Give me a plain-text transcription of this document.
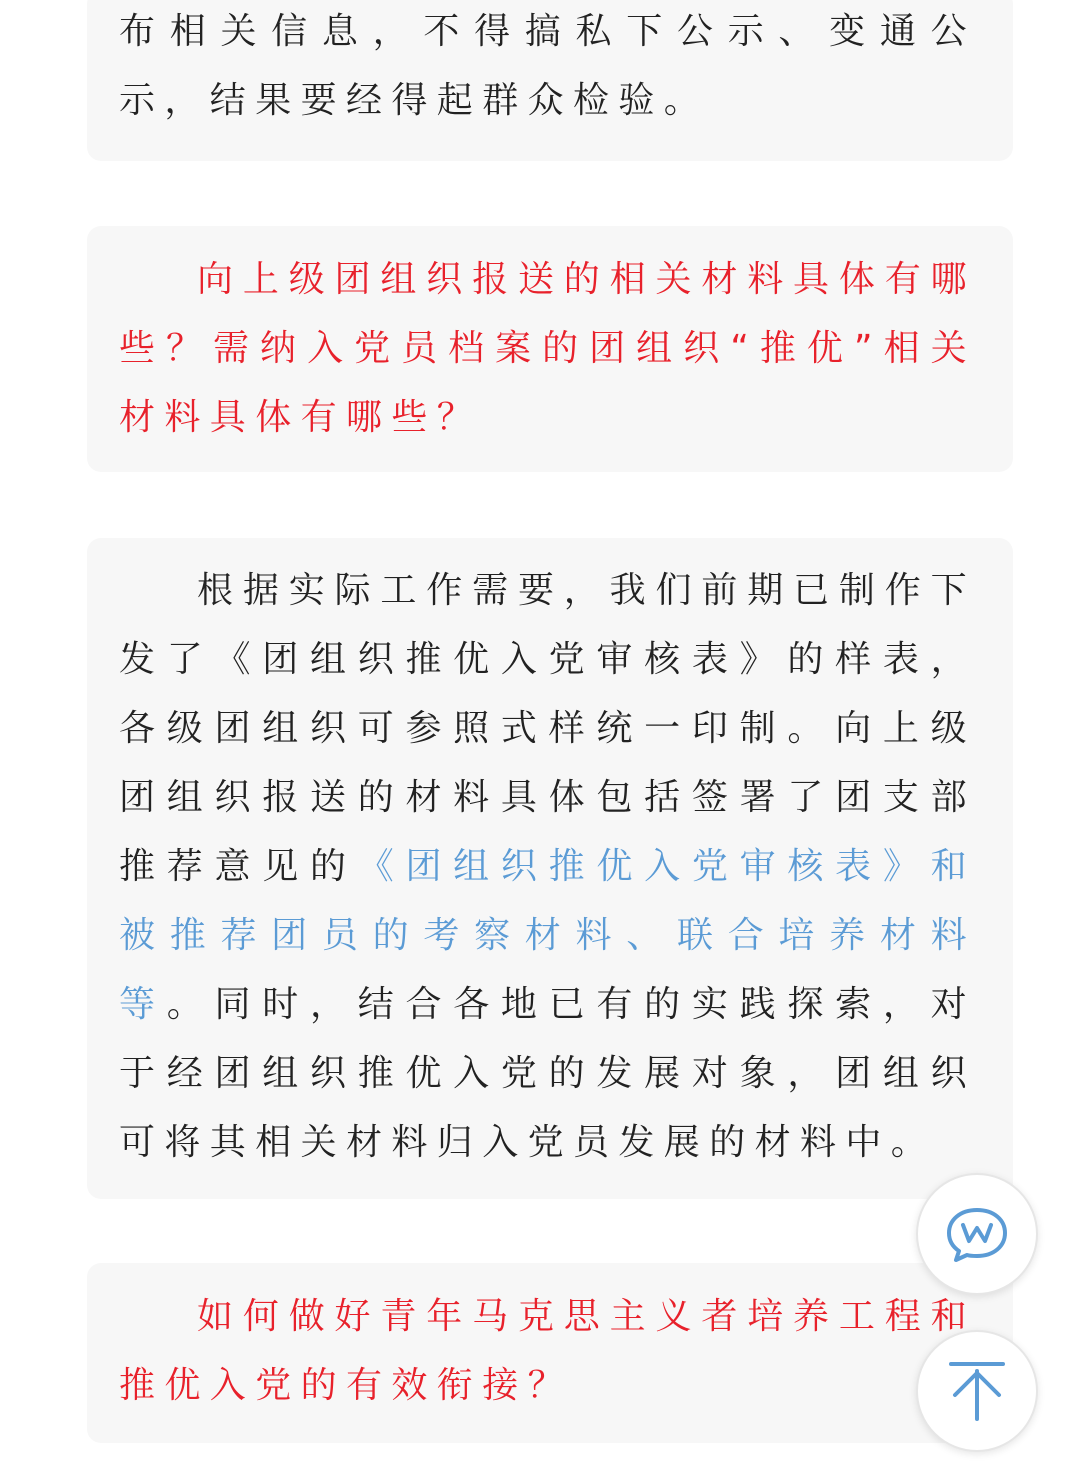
布相关信息，不得搞私下公示、变通公示，结果要经得起群众检验。

向上级团组织报送的相关材料具体有哪些？需纳入党员档案的团组织“推优”相关材料具体有哪些？

根据实际工作需要，我们前期已制作下发了《团组织推优入党审核表》的样表，各级团组织可参照式样统一印制。向上级团组织报送的材料具体包括签署了团支部推荐意见的《团组织推优入党审核表》和被推荐团员的考察材料、联合培养材料等。同时，结合各地已有的实践探索，对于经团组织推优入党的发展对象，团组织可将其相关材料归入党员发展的材料中。

如何做好青年马克思主义者培养工程和推优入党的有效衔接？
